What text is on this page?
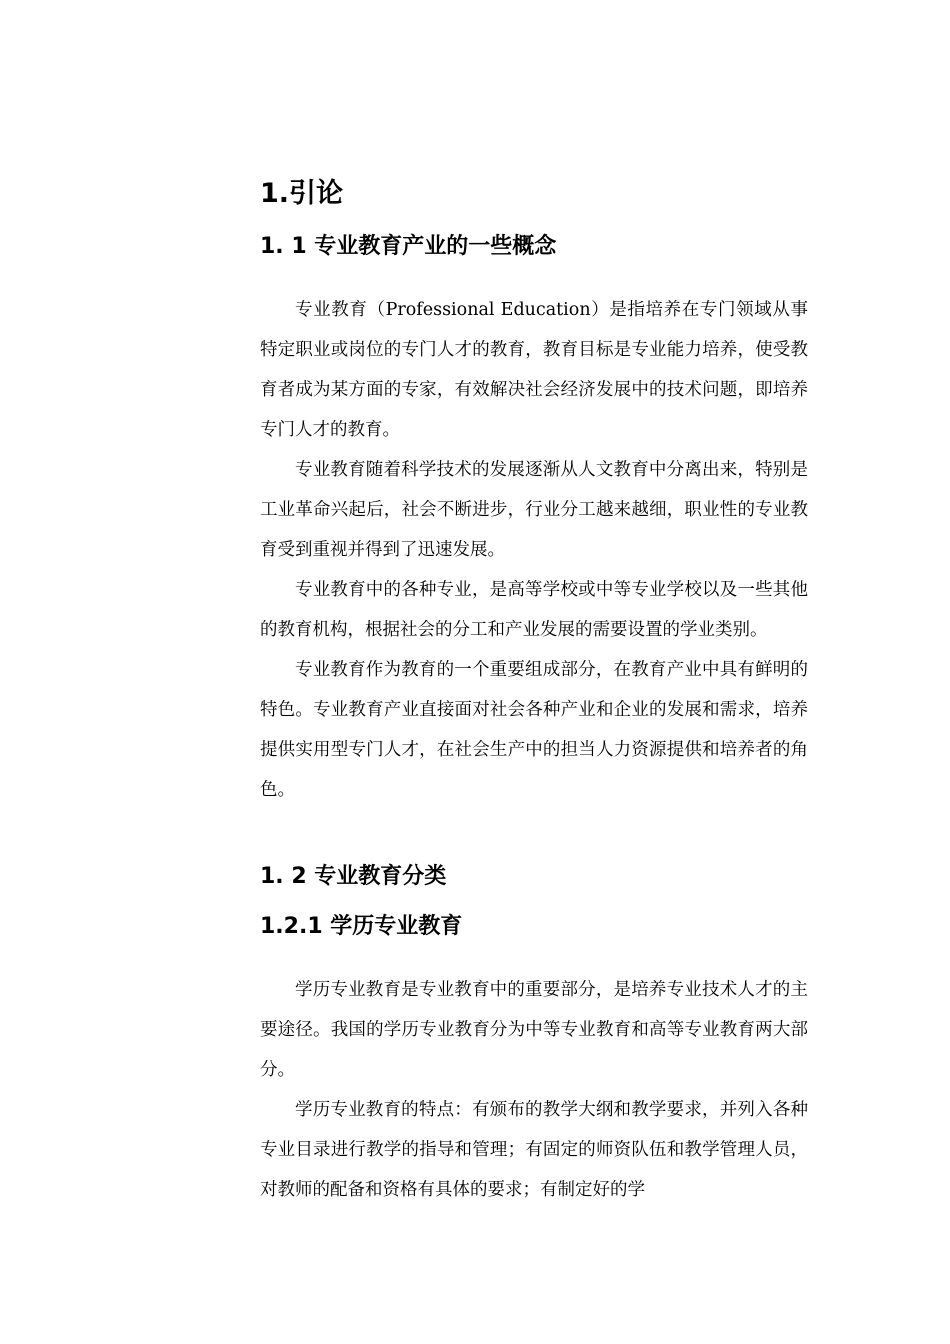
1.引论
1. 1 专业教育产业的一些概念

专业教育（Professional Education）是指培养在专门领域从事特定职业或岗位的专门人才的教育，教育目标是专业能力培养，使受教育者成为某方面的专家，有效解决社会经济发展中的技术问题，即培养专门人才的教育。

专业教育随着科学技术的发展逐渐从人文教育中分离出来，特别是工业革命兴起后，社会不断进步，行业分工越来越细，职业性的专业教育受到重视并得到了迅速发展。

专业教育中的各种专业，是高等学校或中等专业学校以及一些其他的教育机构，根据社会的分工和产业发展的需要设置的学业类别。

专业教育作为教育的一个重要组成部分，在教育产业中具有鲜明的特色。专业教育产业直接面对社会各种产业和企业的发展和需求，培养提供实用型专门人才，在社会生产中的担当人力资源提供和培养者的角色。

1. 2 专业教育分类
1.2.1 学历专业教育

学历专业教育是专业教育中的重要部分，是培养专业技术人才的主要途径。我国的学历专业教育分为中等专业教育和高等专业教育两大部分。

学历专业教育的特点：有颁布的教学大纲和教学要求，并列入各种专业目录进行教学的指导和管理；有固定的师资队伍和教学管理人员，对教师的配备和资格有具体的要求；有制定好的学
